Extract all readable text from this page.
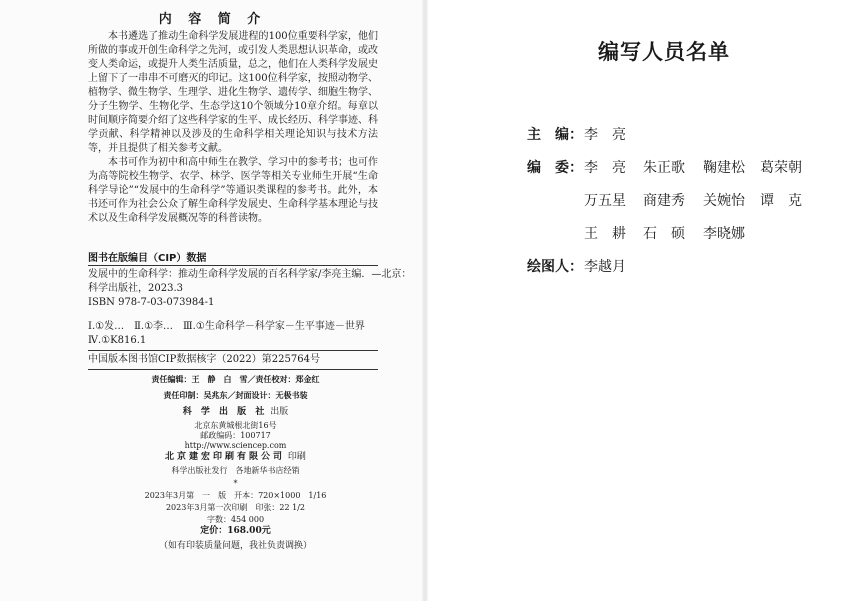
内 容 简 介

本书遴选了推动生命科学发展进程的100位重要科学家，他们所做的事或开创生命科学之先河，或引发人类思想认识革命，或改变人类命运，或提升人类生活质量，总之，他们在人类科学发展史上留下了一串串不可磨灭的印记。这100位科学家，按照动物学、植物学、微生物学、生理学、进化生物学、遗传学、细胞生物学、分子生物学、生物化学、生态学这10个领域分10章介绍。每章以时间顺序简要介绍了这些科学家的生平、成长经历、科学事迹、科学贡献、科学精神以及涉及的生命科学相关理论知识与技术方法等，并且提供了相关参考文献。

本书可作为初中和高中师生在教学、学习中的参考书；也可作为高等院校生物学、农学、林学、医学等相关专业师生开展“生命科学导论”“发展中的生命科学”等通识类课程的参考书。此外，本书还可作为社会公众了解生命科学发展史、生命科学基本理论与技术以及生命科学发展概况等的科普读物。

图书在版编目（CIP）数据
发展中的生命科学：推动生命科学发展的百名科学家/李亮主编．—北京：
科学出版社，2023.3
ISBN 978-7-03-073984-1
Ⅰ.①发…　Ⅱ.①李…　Ⅲ.①生命科学－科学家－生平事迹－世界
Ⅳ.①K816.1
中国版本图书馆CIP数据核字（2022）第225764号
责任编辑：王　静　白　雪／责任校对：郑金红
责任印制：吴兆东／封面设计：无极书装
科 学 出 版 社 出版
北京东黄城根北街16号
邮政编码：100717
http://www.sciencep.com
北京建宏印刷有限公司 印刷
科学出版社发行　各地新华书店经销
*
2023年3月第　一　版　开本：720×1000　1/16
2023年3月第一次印刷　印张：22 1/2
字数：454 000
定价：168.00元
（如有印装质量问题，我社负责调换）
编写人员名单
主　编： 李　亮
编　委： 李　亮 朱正歌 鞠建松 葛荣朝
万五星 商建秀 关婉怡 谭　克
王　耕 石　硕 李晓娜
绘图人： 李越月
